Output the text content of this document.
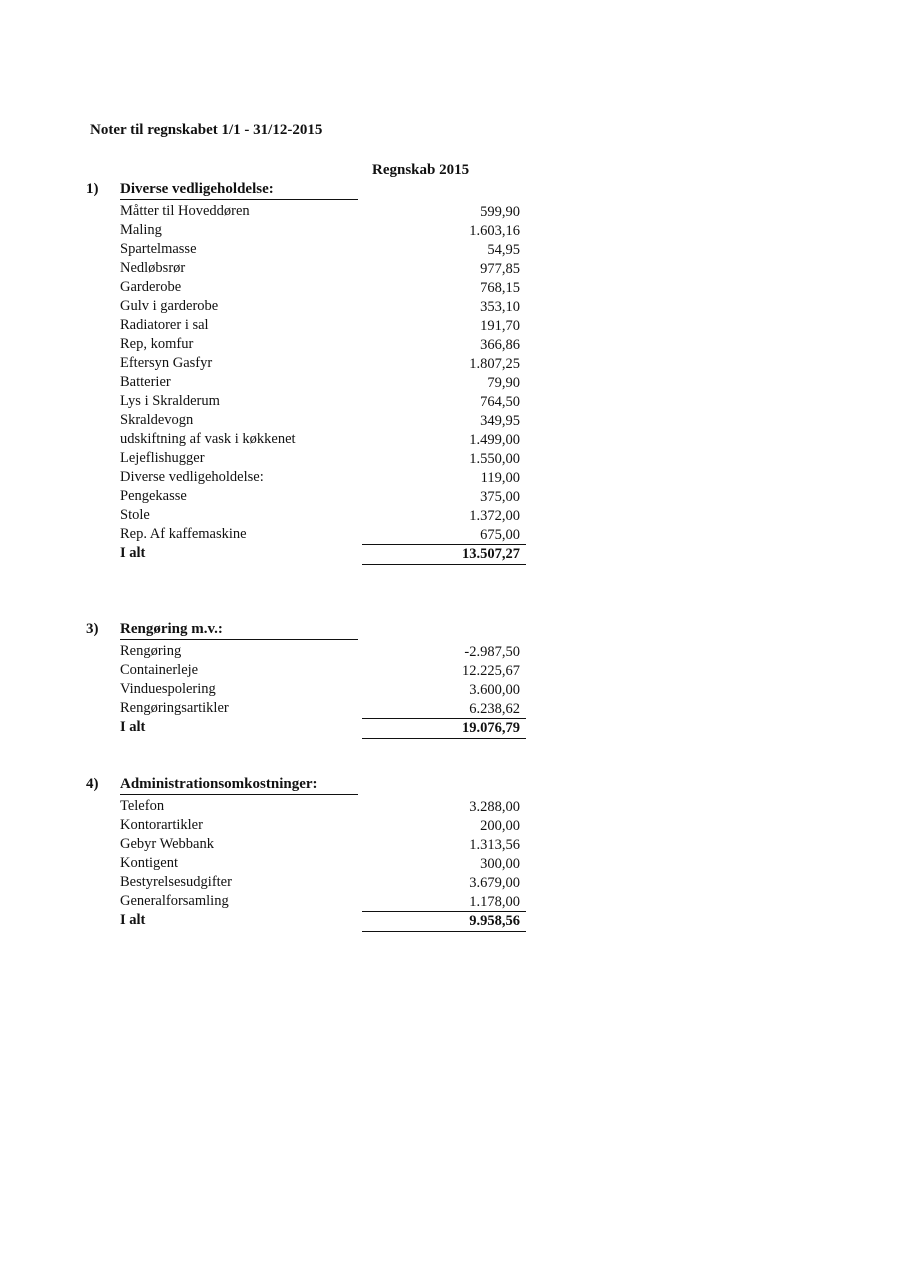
Noter til regnskabet 1/1 - 31/12-2015
Regnskab 2015
1) Diverse vedligeholdelse:
Måtter til Hoveddøren	599,90
Maling	1.603,16
Spartelmasse	54,95
Nedløbsrør	977,85
Garderobe	768,15
Gulv i garderobe	353,10
Radiatorer i sal	191,70
Rep, komfur	366,86
Eftersyn Gasfyr	1.807,25
Batterier	79,90
Lys i Skralderum	764,50
Skraldevogn	349,95
udskiftning af vask i køkkenet	1.499,00
Lejeflishugger	1.550,00
Diverse vedligeholdelse:	119,00
Pengekasse	375,00
Stole	1.372,00
Rep. Af kaffemaskine	675,00
I alt	13.507,27
3) Rengøring m.v.:
Rengøring	-2.987,50
Containerleje	12.225,67
Vinduespolering	3.600,00
Rengøringsartikler	6.238,62
I alt	19.076,79
4) Administrationsomkostninger:
Telefon	3.288,00
Kontorartikler	200,00
Gebyr Webbank	1.313,56
Kontigent	300,00
Bestyrelsesudgifter	3.679,00
Generalforsamling	1.178,00
I alt	9.958,56
